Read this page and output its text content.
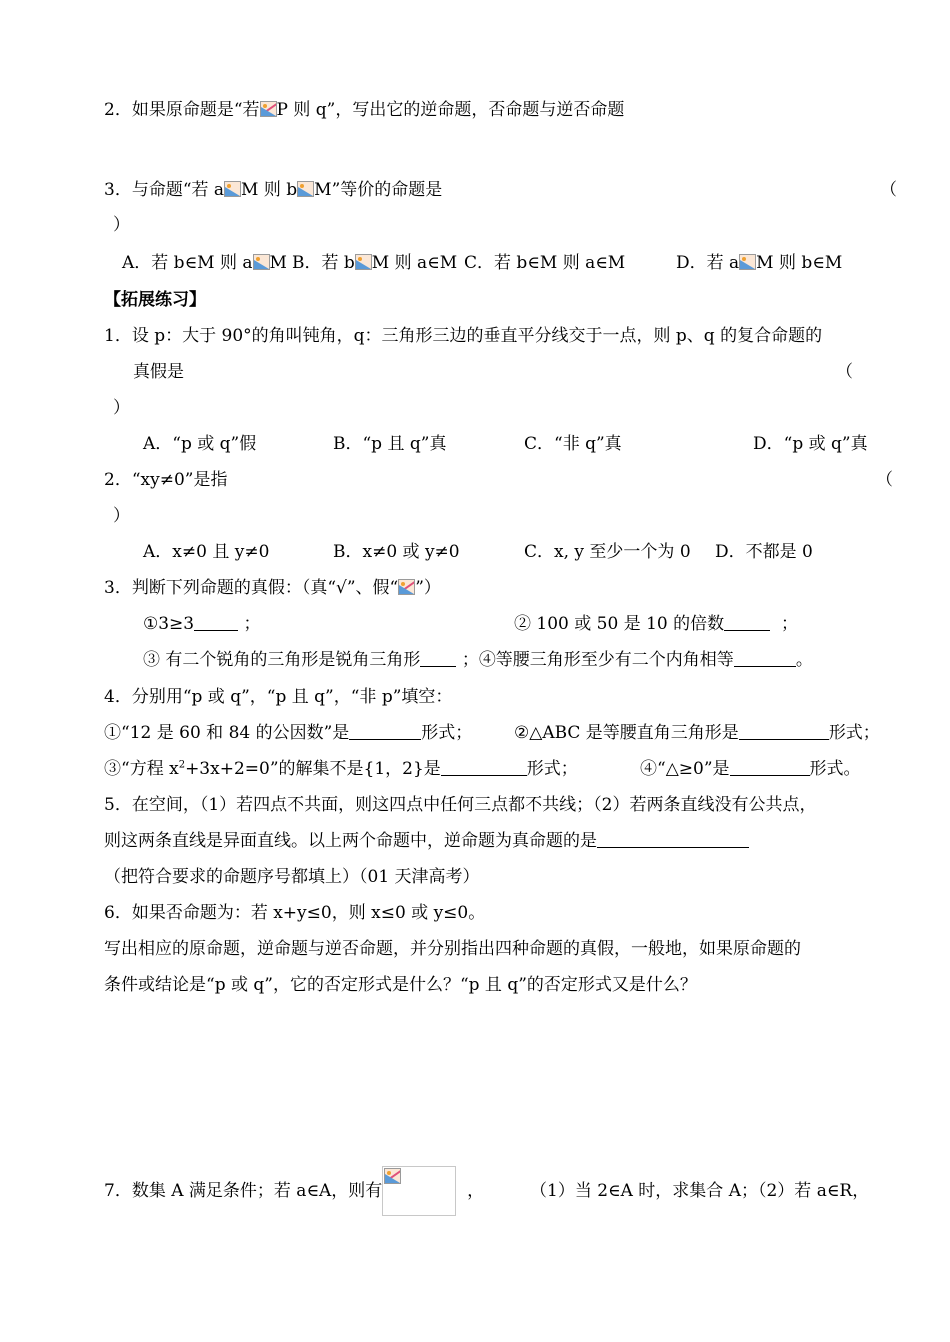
2．如果原命题是“若 P 则 q”，写出它的逆命题，否命题与逆否命题
3．与命题“若 a M 则 b M”等价的命题是	（
）
A．若 b∈M 则 a M B．若 b M 则 a∈M C．若 b∈M 则 a∈M	D．若 a M 则 b∈M
【拓展练习】
1．设 p：大于 90°的角叫钝角，q：三角形三边的垂直平分线交于一点，则 p、q 的复合命题的
真假是	（
）
A．“p 或 q”假	B．“p 且 q”真	C．“非 q”真	D．“p 或 q”真
2．“xy≠0”是指	（
）
A．x≠0 且 y≠0	B．x≠0 或 y≠0	C．x, y 至少一个为 0 D．不都是 0
3．判断下列命题的真假：（真“√”、假“ ”）
①3≥3	；	② 100 或 50 是 10 的倍数	；
③ 有二个锐角的三角形是锐角三角形 ；④等腰三角形至少有二个内角相等	。
4．分别用“p 或 q”，“p 且 q”，“非 p”填空：
①“12 是 60 和 84 的公因数”是	形式； ②△ABC 是等腰直角三角形是	形式；
③“方程 $x^2+3x+2=0$”的解集不是{1，2}是	形式；	④“△≥0”是	形式。
5．在空间，（1）若四点不共面，则这四点中任何三点都不共线；（2）若两条直线没有公共点，
则这两条直线是异面直线。以上两个命题中，逆命题为真命题的是
（把符合要求的命题序号都填上）（01 天津高考）
6．如果否命题为：若 x+y≤0，则 x≤0 或 y≤0。
写出相应的原命题，逆命题与逆否命题，并分别指出四种命题的真假，一般地，如果原命题的
条件或结论是“p 或 q”，它的否定形式是什么？“p 且 q”的否定形式又是什么？
7．数集 A 满足条件；若 a∈A，则有	，	（1）当 2∈A 时，求集合 A；（2）若 a∈R，
